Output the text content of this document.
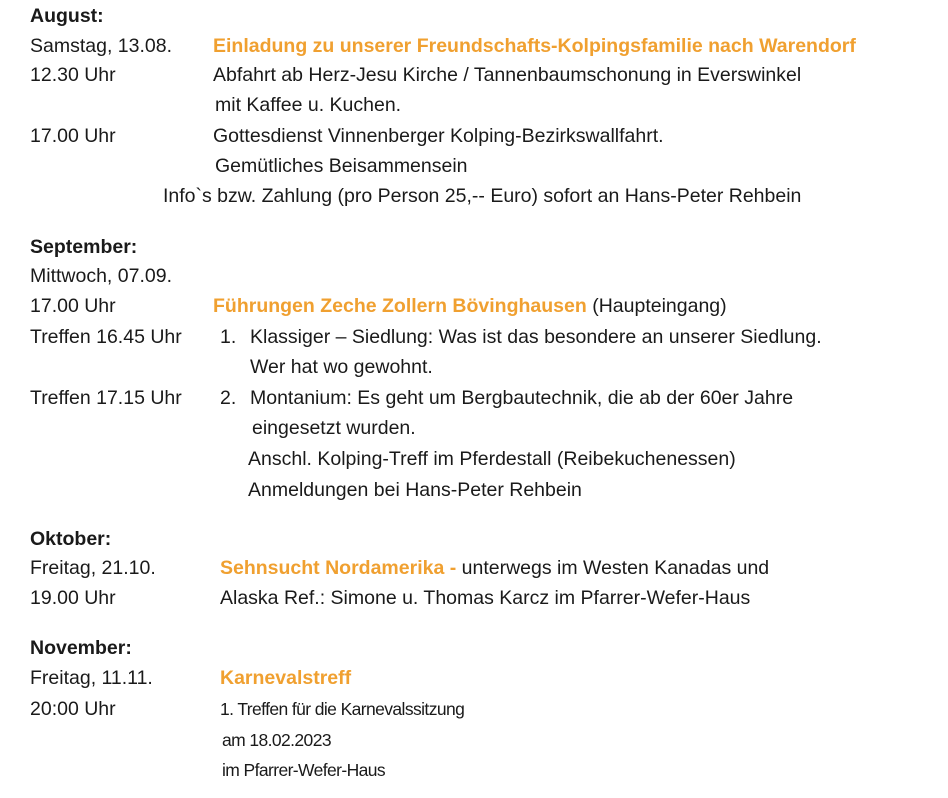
August:
Samstag, 13.08. Einladung zu unserer Freundschafts-Kolpingsfamilie nach Warendorf
12.30 Uhr	Abfahrt ab Herz-Jesu Kirche / Tannenbaumschonung in Everswinkel
mit Kaffee u. Kuchen.
17.00 Uhr	Gottesdienst Vinnenberger Kolping-Bezirkswallfahrt.
Gemütliches Beisammensein
Info`s bzw. Zahlung (pro Person 25,-- Euro) sofort an Hans-Peter Rehbein
September:
Mittwoch, 07.09.
17.00 Uhr	Führungen Zeche Zollern Bövinghausen (Haupteingang)
Treffen 16.45 Uhr 1. Klassiger – Siedlung: Was ist das besondere an unserer Siedlung.
Wer hat wo gewohnt.
Treffen 17.15 Uhr 2. Montanium: Es geht um Bergbautechnik, die ab der 60er Jahre
eingesetzt wurden.
Anschl. Kolping-Treff im Pferdestall (Reibekuchenessen)
Anmeldungen bei Hans-Peter Rehbein
Oktober:
Freitag, 21.10.	Sehnsucht Nordamerika - unterwegs im Westen Kanadas und
19.00 Uhr	Alaska Ref.: Simone u. Thomas Karcz im Pfarrer-Wefer-Haus
November:
Freitag, 11.11.	Karnevalstreff
20:00 Uhr	1. Treffen für die Karnevalssitzung
am 18.02.2023
im Pfarrer-Wefer-Haus
